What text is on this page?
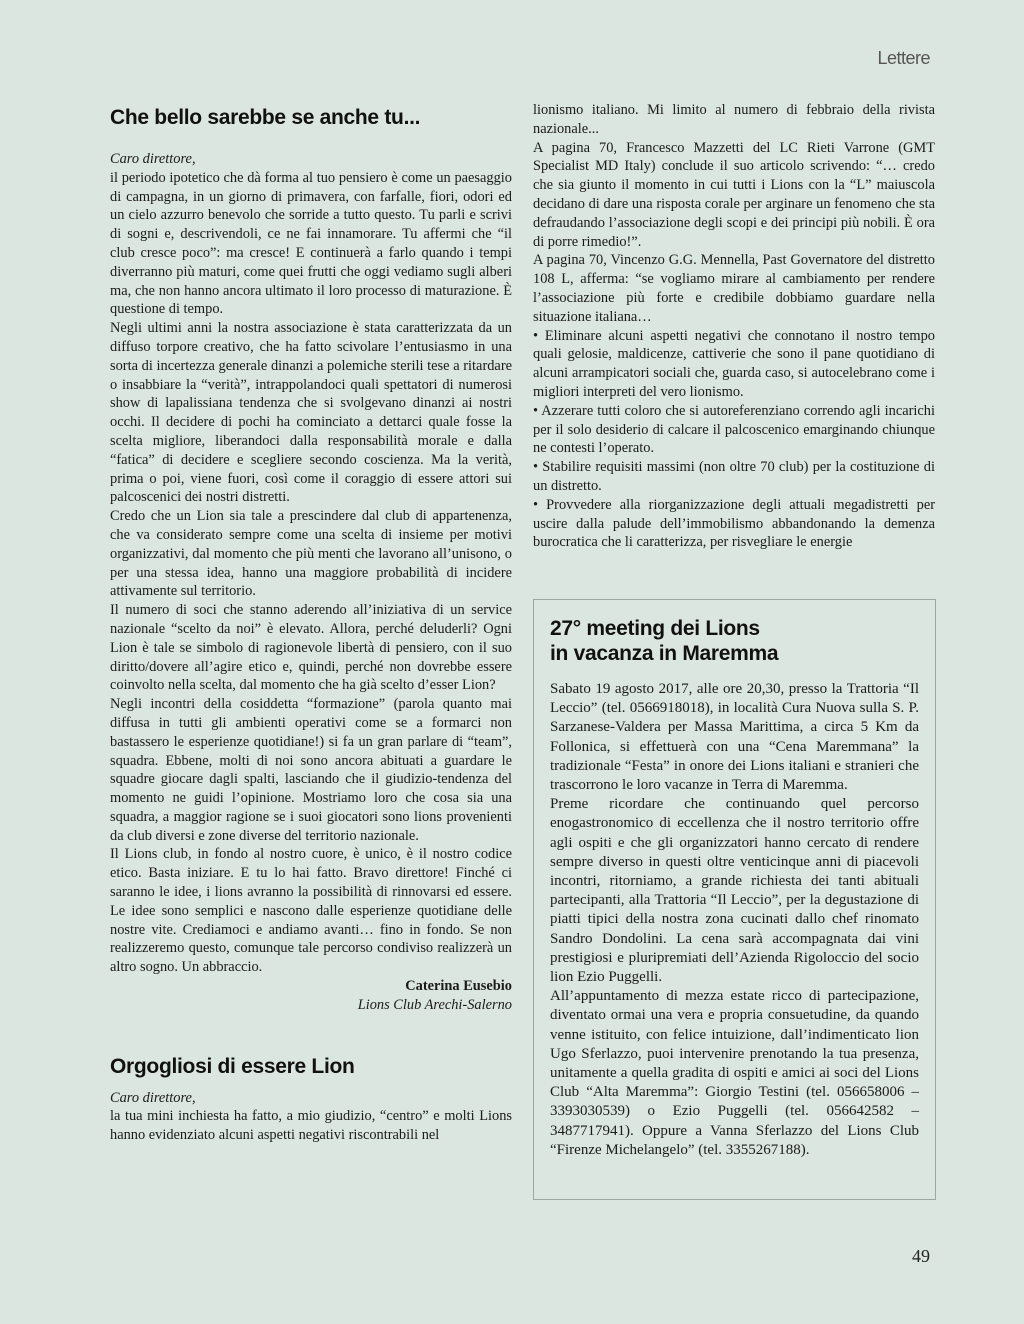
Lettere
Che bello sarebbe se anche tu...

Caro direttore,

il periodo ipotetico che dà forma al tuo pensiero è come un paesaggio di campagna, in un giorno di primavera, con farfalle, fiori, odori ed un cielo azzurro benevolo che sorride a tutto questo. Tu parli e scrivi di sogni e, descrivendoli, ce ne fai innamorare. Tu affermi che “il club cresce poco”: ma cresce! E continuerà a farlo quando i tempi diverranno più maturi, come quei frutti che oggi vediamo sugli alberi ma, che non hanno ancora ultimato il loro processo di maturazione. È questione di tempo.

Negli ultimi anni la nostra associazione è stata caratterizzata da un diffuso torpore creativo, che ha fatto scivolare l’entusiasmo in una sorta di incertezza generale dinanzi a polemiche sterili tese a ritardare o insabbiare la “verità”, intrappolandoci quali spettatori di numerosi show di lapalissiana tendenza che si svolgevano dinanzi ai nostri occhi. Il decidere di pochi ha cominciato a dettarci quale fosse la scelta migliore, liberandoci dalla responsabilità morale e dalla “fatica” di decidere e scegliere secondo coscienza. Ma la verità, prima o poi, viene fuori, così come il coraggio di essere attori sui palcoscenici dei nostri distretti.

Credo che un Lion sia tale a prescindere dal club di appartenenza, che va considerato sempre come una scelta di insieme per motivi organizzativi, dal momento che più menti che lavorano all’unisono, o per una stessa idea, hanno una maggiore probabilità di incidere attivamente sul territorio.

Il numero di soci che stanno aderendo all’iniziativa di un service nazionale “scelto da noi” è elevato. Allora, perché deluderli? Ogni Lion è tale se simbolo di ragionevole libertà di pensiero, con il suo diritto/dovere all’agire etico e, quindi, perché non dovrebbe essere coinvolto nella scelta, dal momento che ha già scelto d’esser Lion?

Negli incontri della cosiddetta “formazione” (parola quanto mai diffusa in tutti gli ambienti operativi come se a formarci non bastassero le esperienze quotidiane!) si fa un gran parlare di “team”, squadra. Ebbene, molti di noi sono ancora abituati a guardare le squadre giocare dagli spalti, lasciando che il giudizio-tendenza del momento ne guidi l’opinione. Mostriamo loro che cosa sia una squadra, a maggior ragione se i suoi giocatori sono lions provenienti da club diversi e zone diverse del territorio nazionale.

Il Lions club, in fondo al nostro cuore, è unico, è il nostro codice etico. Basta iniziare. E tu lo hai fatto. Bravo direttore! Finché ci saranno le idee, i lions avranno la possibilità di rinnovarsi ed essere. Le idee sono semplici e nascono dalle esperienze quotidiane delle nostre vite. Crediamoci e andiamo avanti… fino in fondo. Se non realizzeremo questo, comunque tale percorso condiviso realizzerà un altro sogno. Un abbraccio.

Caterina Eusebio

Lions Club Arechi-Salerno

Orgogliosi di essere Lion

Caro direttore,

la tua mini inchiesta ha fatto, a mio giudizio, “centro” e molti Lions hanno evidenziato alcuni aspetti negativi riscontrabili nel

lionismo italiano. Mi limito al numero di febbraio della rivista nazionale...

A pagina 70, Francesco Mazzetti del LC Rieti Varrone (GMT Specialist MD Italy) conclude il suo articolo scrivendo: “… credo che sia giunto il momento in cui tutti i Lions con la “L” maiuscola decidano di dare una risposta corale per arginare un fenomeno che sta defraudando l’associazione degli scopi e dei principi più nobili. È ora di porre rimedio!”.

A pagina 70, Vincenzo G.G. Mennella, Past Governatore del distretto 108 L, afferma: “se vogliamo mirare al cambiamento per rendere l’associazione più forte e credibile dobbiamo guardare nella situazione italiana…

• Eliminare alcuni aspetti negativi che connotano il nostro tempo quali gelosie, maldicenze, cattiverie che sono il pane quotidiano di alcuni arrampicatori sociali che, guarda caso, si autocelebrano come i migliori interpreti del vero lionismo.

• Azzerare tutti coloro che si autoreferenziano correndo agli incarichi per il solo desiderio di calcare il palcoscenico emarginando chiunque ne contesti l’operato.

• Stabilire requisiti massimi (non oltre 70 club) per la costituzione di un distretto.

• Provvedere alla riorganizzazione degli attuali megadistretti per uscire dalla palude dell’immobilismo abbandonando la demenza burocratica che li caratterizza, per risvegliare le energie

27° meeting dei Lions
in vacanza in Maremma

Sabato 19 agosto 2017, alle ore 20,30, presso la Trattoria “Il Leccio” (tel. 0566918018), in località Cura Nuova sulla S. P. Sarzanese-Valdera per Massa Marittima, a circa 5 Km da Follonica, si effettuerà con una “Cena Maremmana” la tradizionale “Festa” in onore dei Lions italiani e stranieri che trascorrono le loro vacanze in Terra di Maremma.

Preme ricordare che continuando quel percorso enogastronomico di eccellenza che il nostro territorio offre agli ospiti e che gli organizzatori hanno cercato di rendere sempre diverso in questi oltre venticinque anni di piacevoli incontri, ritorniamo, a grande richiesta dei tanti abituali partecipanti, alla Trattoria “Il Leccio”, per la degustazione di piatti tipici della nostra zona cucinati dallo chef rinomato Sandro Dondolini. La cena sarà accompagnata dai vini prestigiosi e pluripremiati dell’Azienda Rigoloccio del socio lion Ezio Puggelli.

All’appuntamento di mezza estate ricco di partecipazione, diventato ormai una vera e propria consuetudine, da quando venne istituito, con felice intuizione, dall’indimenticato lion Ugo Sferlazzo, puoi intervenire prenotando la tua presenza, unitamente a quella gradita di ospiti e amici ai soci del Lions Club “Alta Maremma”: Giorgio Testini (tel. 056658006 – 3393030539) o Ezio Puggelli (tel. 056642582 – 3487717941). Oppure a Vanna Sferlazzo del Lions Club “Firenze Michelangelo” (tel. 3355267188).

49
